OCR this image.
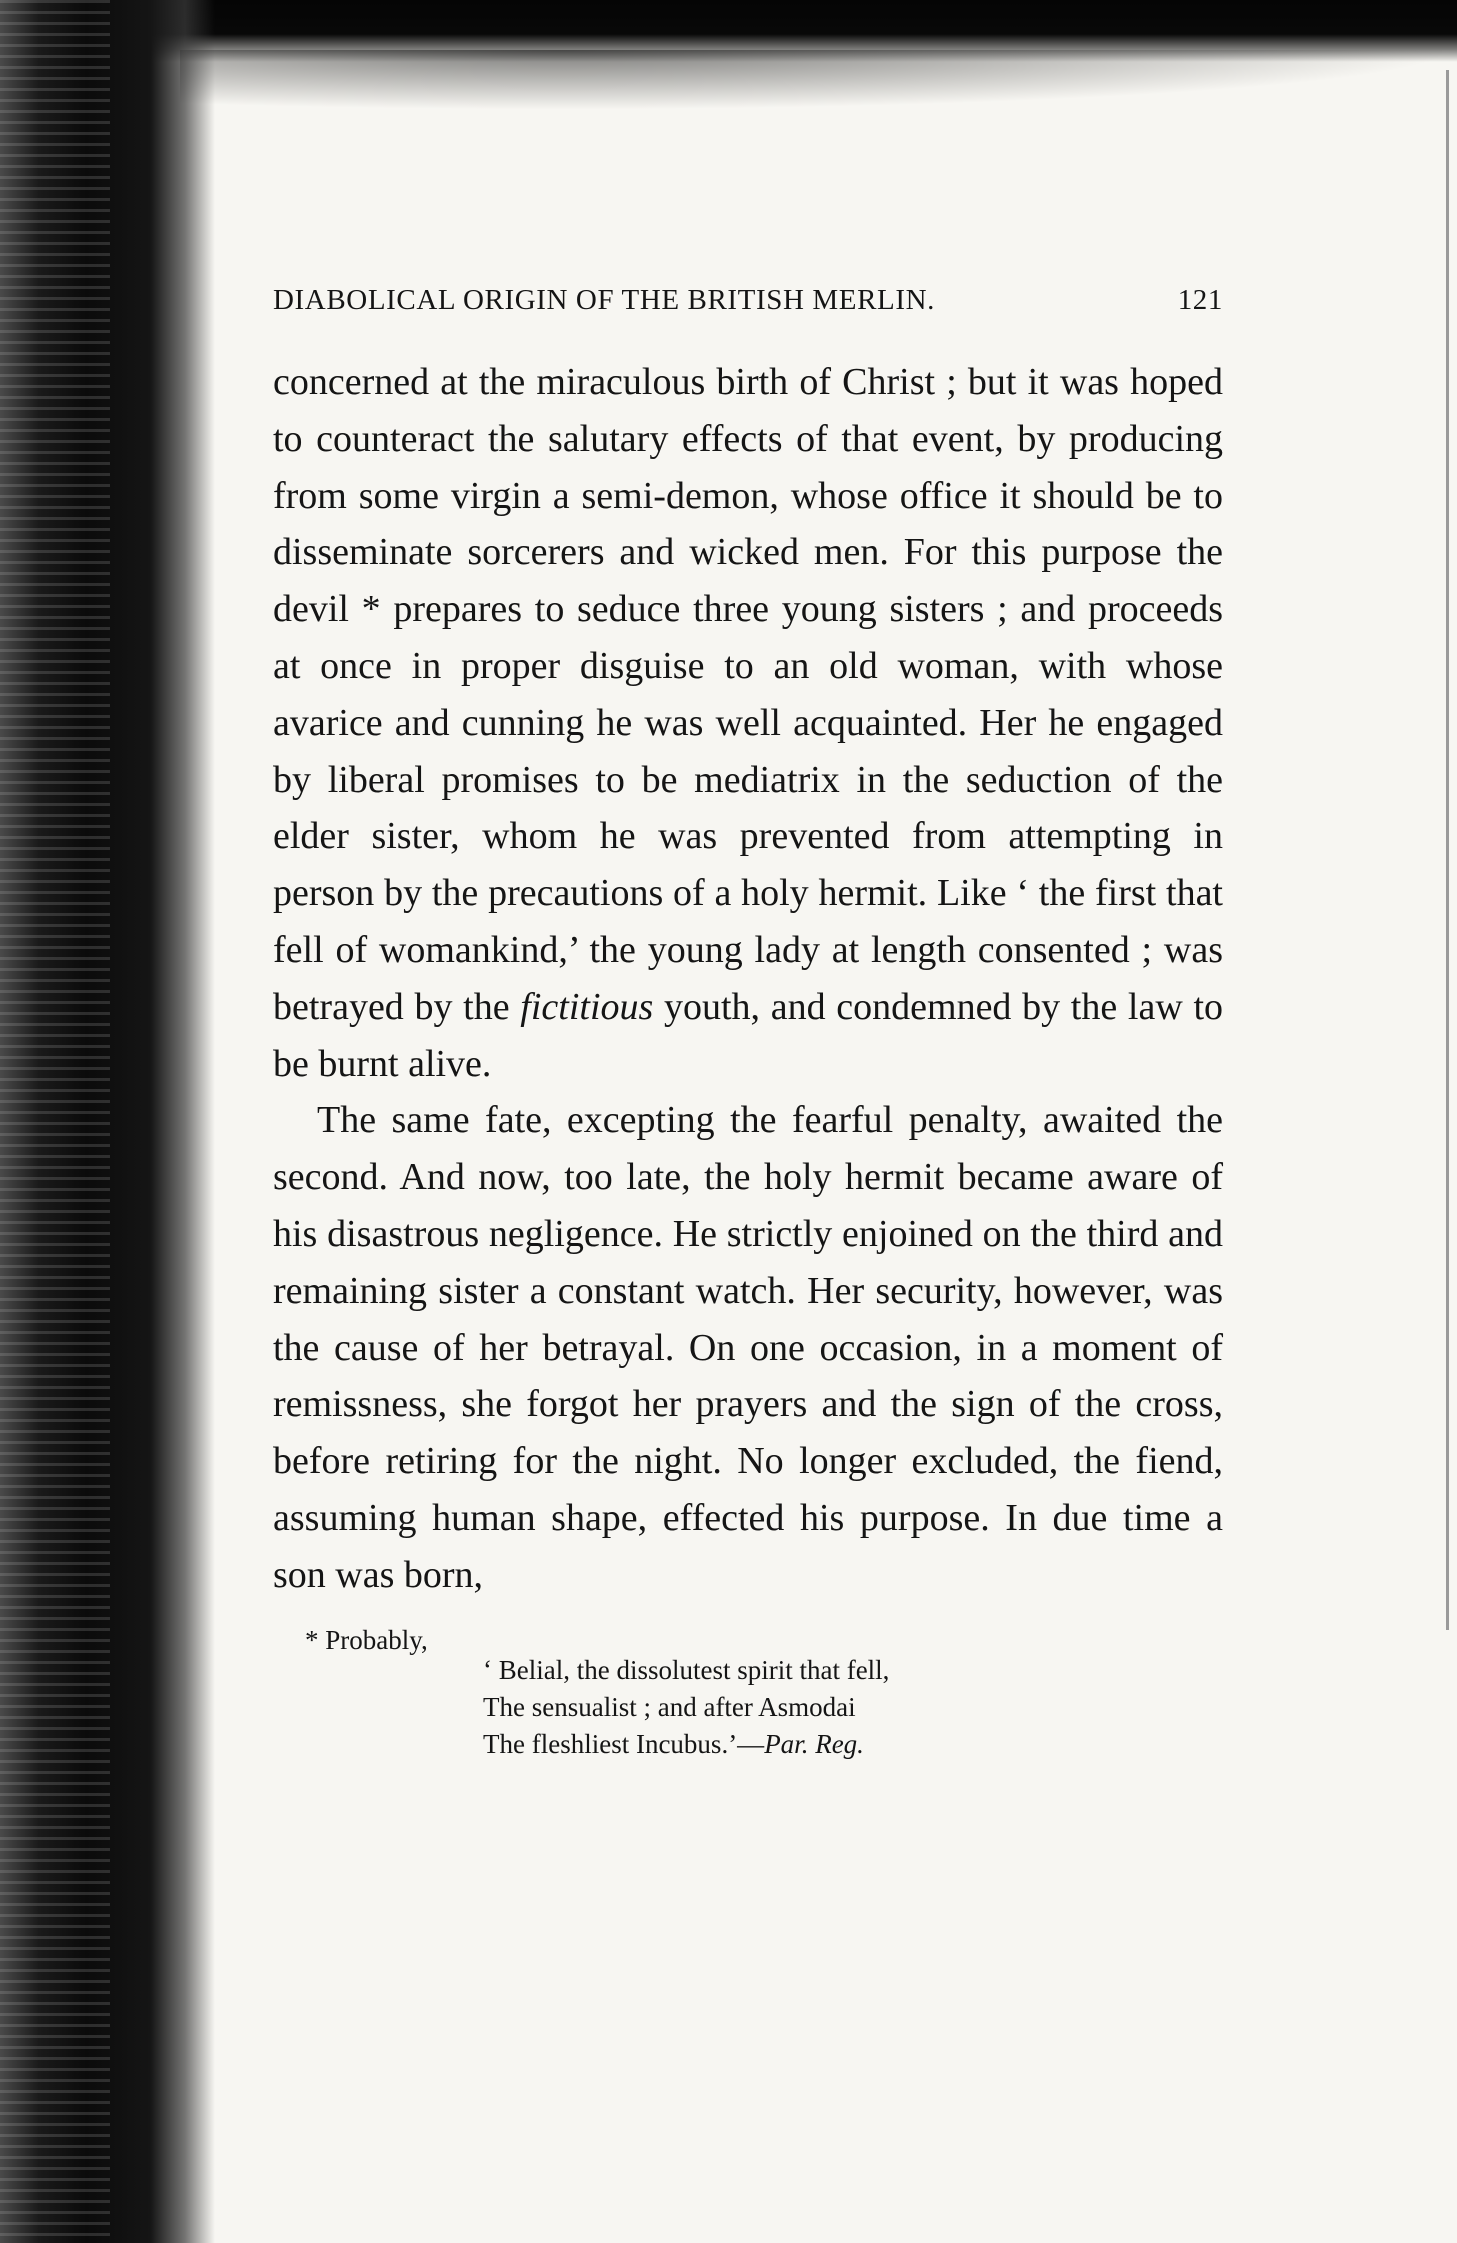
DIABOLICAL ORIGIN OF THE BRITISH MERLIN.	121

concerned at the miraculous birth of Christ ; but it was hoped to counteract the salutary effects of that event, by producing from some virgin a semi-demon, whose office it should be to disseminate sorcerers and wicked men. For this purpose the devil * prepares to seduce three young sisters ; and proceeds at once in proper disguise to an old woman, with whose avarice and cunning he was well acquainted. Her he engaged by liberal promises to be mediatrix in the seduction of the elder sister, whom he was prevented from attempting in person by the precautions of a holy hermit. Like ‘ the first that fell of womankind,’ the young lady at length consented ; was betrayed by the fictitious youth, and condemned by the law to be burnt alive.

The same fate, excepting the fearful penalty, awaited the second. And now, too late, the holy hermit became aware of his disastrous negligence. He strictly enjoined on the third and remaining sister a constant watch. Her security, however, was the cause of her betrayal. On one occasion, in a moment of remissness, she forgot her prayers and the sign of the cross, before retiring for the night. No longer excluded, the fiend, assuming human shape, effected his purpose. In due time a son was born,

* Probably,
‘ Belial, the dissolutest spirit that fell,
The sensualist ; and after Asmodai
The fleshliest Incubus.’—Par. Reg.
